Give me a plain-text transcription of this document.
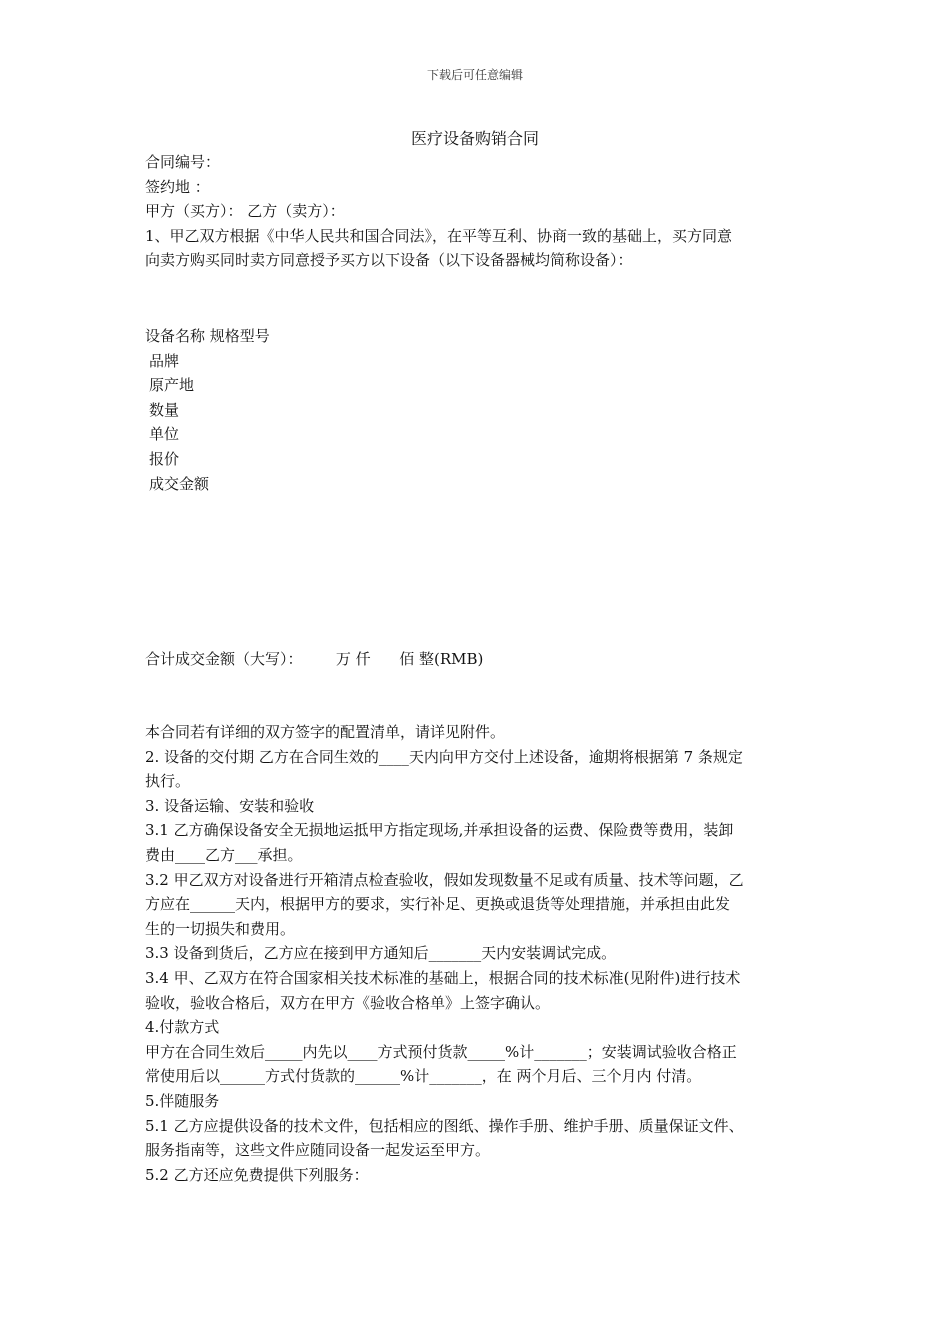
下载后可任意编辑
医疗设备购销合同
合同编号：
签约地 ：
甲方（买方）： 乙方（卖方）：
1、甲乙双方根据《中华人民共和国合同法》，在平等互利、协商一致的基础上，买方同意
向卖方购买同时卖方同意授予买方以下设备（以下设备器械均简称设备）：
设备名称 规格型号
品牌
原产地
数量
单位
报价
成交金额
合计成交金额（大写）：       万 仟      佰 整(RMB)
本合同若有详细的双方签字的配置清单，请详见附件。
2. 设备的交付期 乙方在合同生效的____天内向甲方交付上述设备，逾期将根据第 7 条规定
执行。
3. 设备运输、安装和验收
3.1 乙方确保设备安全无损地运抵甲方指定现场,并承担设备的运费、保险费等费用，装卸
费由____乙方___承担。
3.2 甲乙双方对设备进行开箱清点检查验收，假如发现数量不足或有质量、技术等问题，乙
方应在______天内，根据甲方的要求，实行补足、更换或退货等处理措施，并承担由此发
生的一切损失和费用。
3.3 设备到货后，乙方应在接到甲方通知后_______天内安装调试完成。
3.4 甲、乙双方在符合国家相关技术标准的基础上，根据合同的技术标准(见附件)进行技术
验收，验收合格后，双方在甲方《验收合格单》上签字确认。
4.付款方式
甲方在合同生效后_____内先以____方式预付货款_____%计_______；安装调试验收合格正
常使用后以______方式付货款的______%计_______，在 两个月后、三个月内 付清。
5.伴随服务
5.1 乙方应提供设备的技术文件，包括相应的图纸、操作手册、维护手册、质量保证文件、
服务指南等，这些文件应随同设备一起发运至甲方。
5.2 乙方还应免费提供下列服务：
